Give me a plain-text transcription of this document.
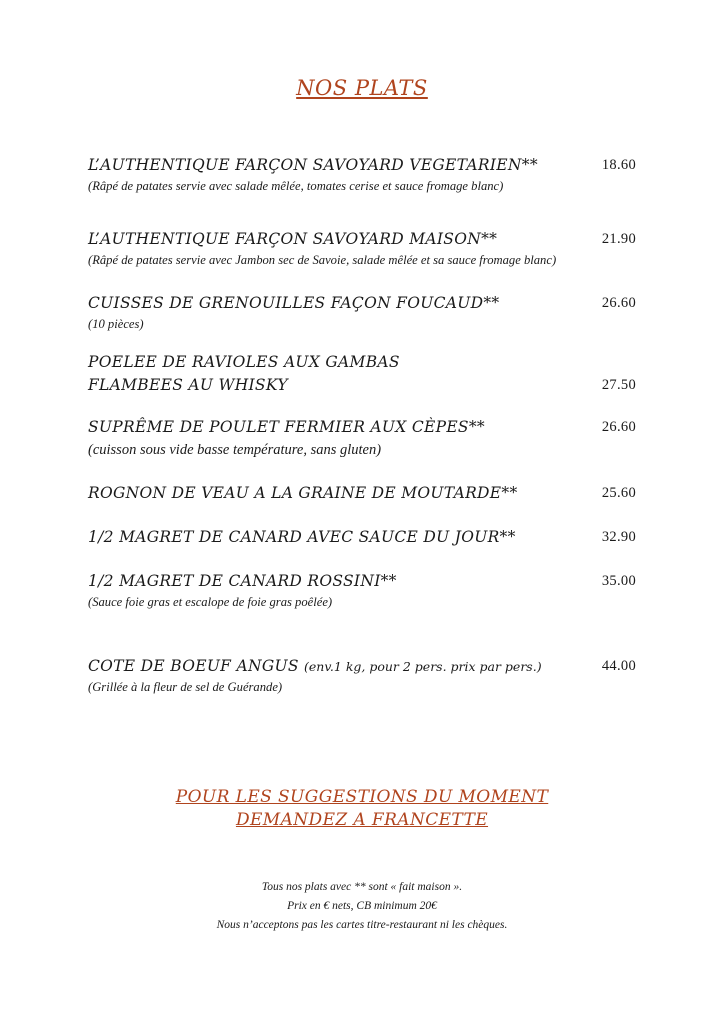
NOS PLATS
L’AUTHENTIQUE FARÇON SAVOYARD VEGETARIEN**	18.60
(Râpé de patates servie avec salade mêlée, tomates cerise et sauce fromage blanc)
L’AUTHENTIQUE FARÇON SAVOYARD MAISON**	21.90
(Râpé de patates servie avec Jambon sec de Savoie, salade mêlée et sa sauce fromage blanc)
CUISSES DE GRENOUILLES FAÇON FOUCAUD**	26.60
(10 pièces)
POELEE DE RAVIOLES AUX GAMBAS
FLAMBEES AU WHISKY	27.50
SUPRÊME DE POULET FERMIER AUX CÈPES**	26.60
(cuisson sous vide basse température, sans gluten)
ROGNON DE VEAU A LA GRAINE DE MOUTARDE**	25.60
1/2 MAGRET DE CANARD AVEC SAUCE DU JOUR**	32.90
1/2 MAGRET DE CANARD ROSSINI**	35.00
(Sauce foie gras et escalope de foie gras poêlée)
COTE DE BOEUF ANGUS (env.1 kg, pour 2 pers. prix par pers.)	44.00
(Grillée à la fleur de sel de Guérande)
POUR LES SUGGESTIONS DU MOMENT
DEMANDEZ A FRANCETTE
Tous nos plats avec ** sont « fait maison ».
Prix en € nets, CB minimum 20€
Nous n’acceptons pas les cartes titre-restaurant ni les chèques.
